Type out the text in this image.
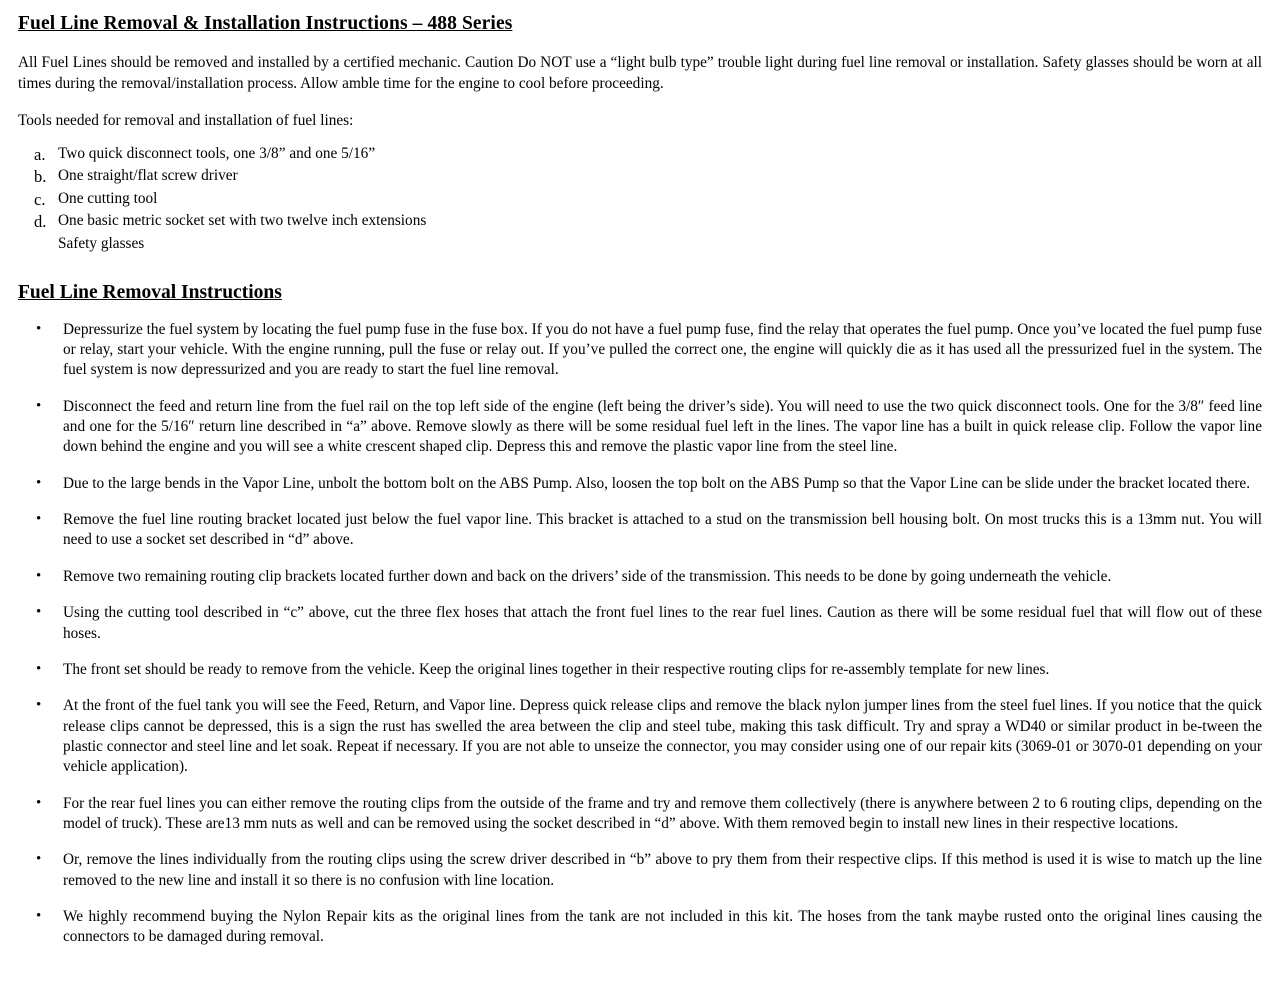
Fuel Line Removal & Installation Instructions – 488 Series

All Fuel Lines should be removed and installed by a certified mechanic. Caution Do NOT use a “light bulb type” trouble light during fuel line removal or installation. Safety glasses should be worn at all times during the removal/installation process. Allow amble time for the engine to cool before proceeding.

Tools needed for removal and installation of fuel lines:

a. Two quick disconnect tools, one 3/8” and one 5/16”
b. One straight/flat screw driver
c. One cutting tool
d. One basic metric socket set with two twelve inch extensions
Safety glasses
Fuel Line Removal Instructions
• Depressurize the fuel system by locating the fuel pump fuse in the fuse box. If you do not have a fuel pump fuse, find the relay that operates the fuel pump. Once you’ve located the fuel pump fuse or relay, start your vehicle. With the engine running, pull the fuse or relay out. If you’ve pulled the correct one, the engine will quickly die as it has used all the pressurized fuel in the system. The fuel system is now depressurized and you are ready to start the fuel line removal.
• Disconnect the feed and return line from the fuel rail on the top left side of the engine (left being the driver’s side). You will need to use the two quick disconnect tools. One for the 3/8″ feed line and one for the 5/16″ return line described in “a” above. Remove slowly as there will be some residual fuel left in the lines. The vapor line has a built in quick release clip. Follow the vapor line down behind the engine and you will see a white crescent shaped clip. Depress this and remove the plastic vapor line from the steel line.
• Due to the large bends in the Vapor Line, unbolt the bottom bolt on the ABS Pump. Also, loosen the top bolt on the ABS Pump so that the Vapor Line can be slide under the bracket located there.
• Remove the fuel line routing bracket located just below the fuel vapor line. This bracket is attached to a stud on the transmission bell housing bolt. On most trucks this is a 13mm nut. You will need to use a socket set described in “d” above.
• Remove two remaining routing clip brackets located further down and back on the drivers’ side of the transmission. This needs to be done by going underneath the vehicle.
• Using the cutting tool described in “c” above, cut the three flex hoses that attach the front fuel lines to the rear fuel lines. Caution as there will be some residual fuel that will flow out of these hoses.
• The front set should be ready to remove from the vehicle. Keep the original lines together in their respective routing clips for re-assembly template for new lines.
• At the front of the fuel tank you will see the Feed, Return, and Vapor line. Depress quick release clips and remove the black nylon jumper lines from the steel fuel lines. If you notice that the quick release clips cannot be depressed, this is a sign the rust has swelled the area between the clip and steel tube, making this task difficult. Try and spray a WD40 or similar product in be-tween the plastic connector and steel line and let soak. Repeat if necessary. If you are not able to unseize the connector, you may consider using one of our repair kits (3069-01 or 3070-01 depending on your vehicle application).
• For the rear fuel lines you can either remove the routing clips from the outside of the frame and try and remove them collectively (there is anywhere between 2 to 6 routing clips, depending on the model of truck). These are13 mm nuts as well and can be removed using the socket described in “d” above. With them removed begin to install new lines in their respective locations.
• Or, remove the lines individually from the routing clips using the screw driver described in “b” above to pry them from their respective clips. If this method is used it is wise to match up the line removed to the new line and install it so there is no confusion with line location.
• We highly recommend buying the Nylon Repair kits as the original lines from the tank are not included in this kit. The hoses from the tank maybe rusted onto the original lines causing the connectors to be damaged during removal.
